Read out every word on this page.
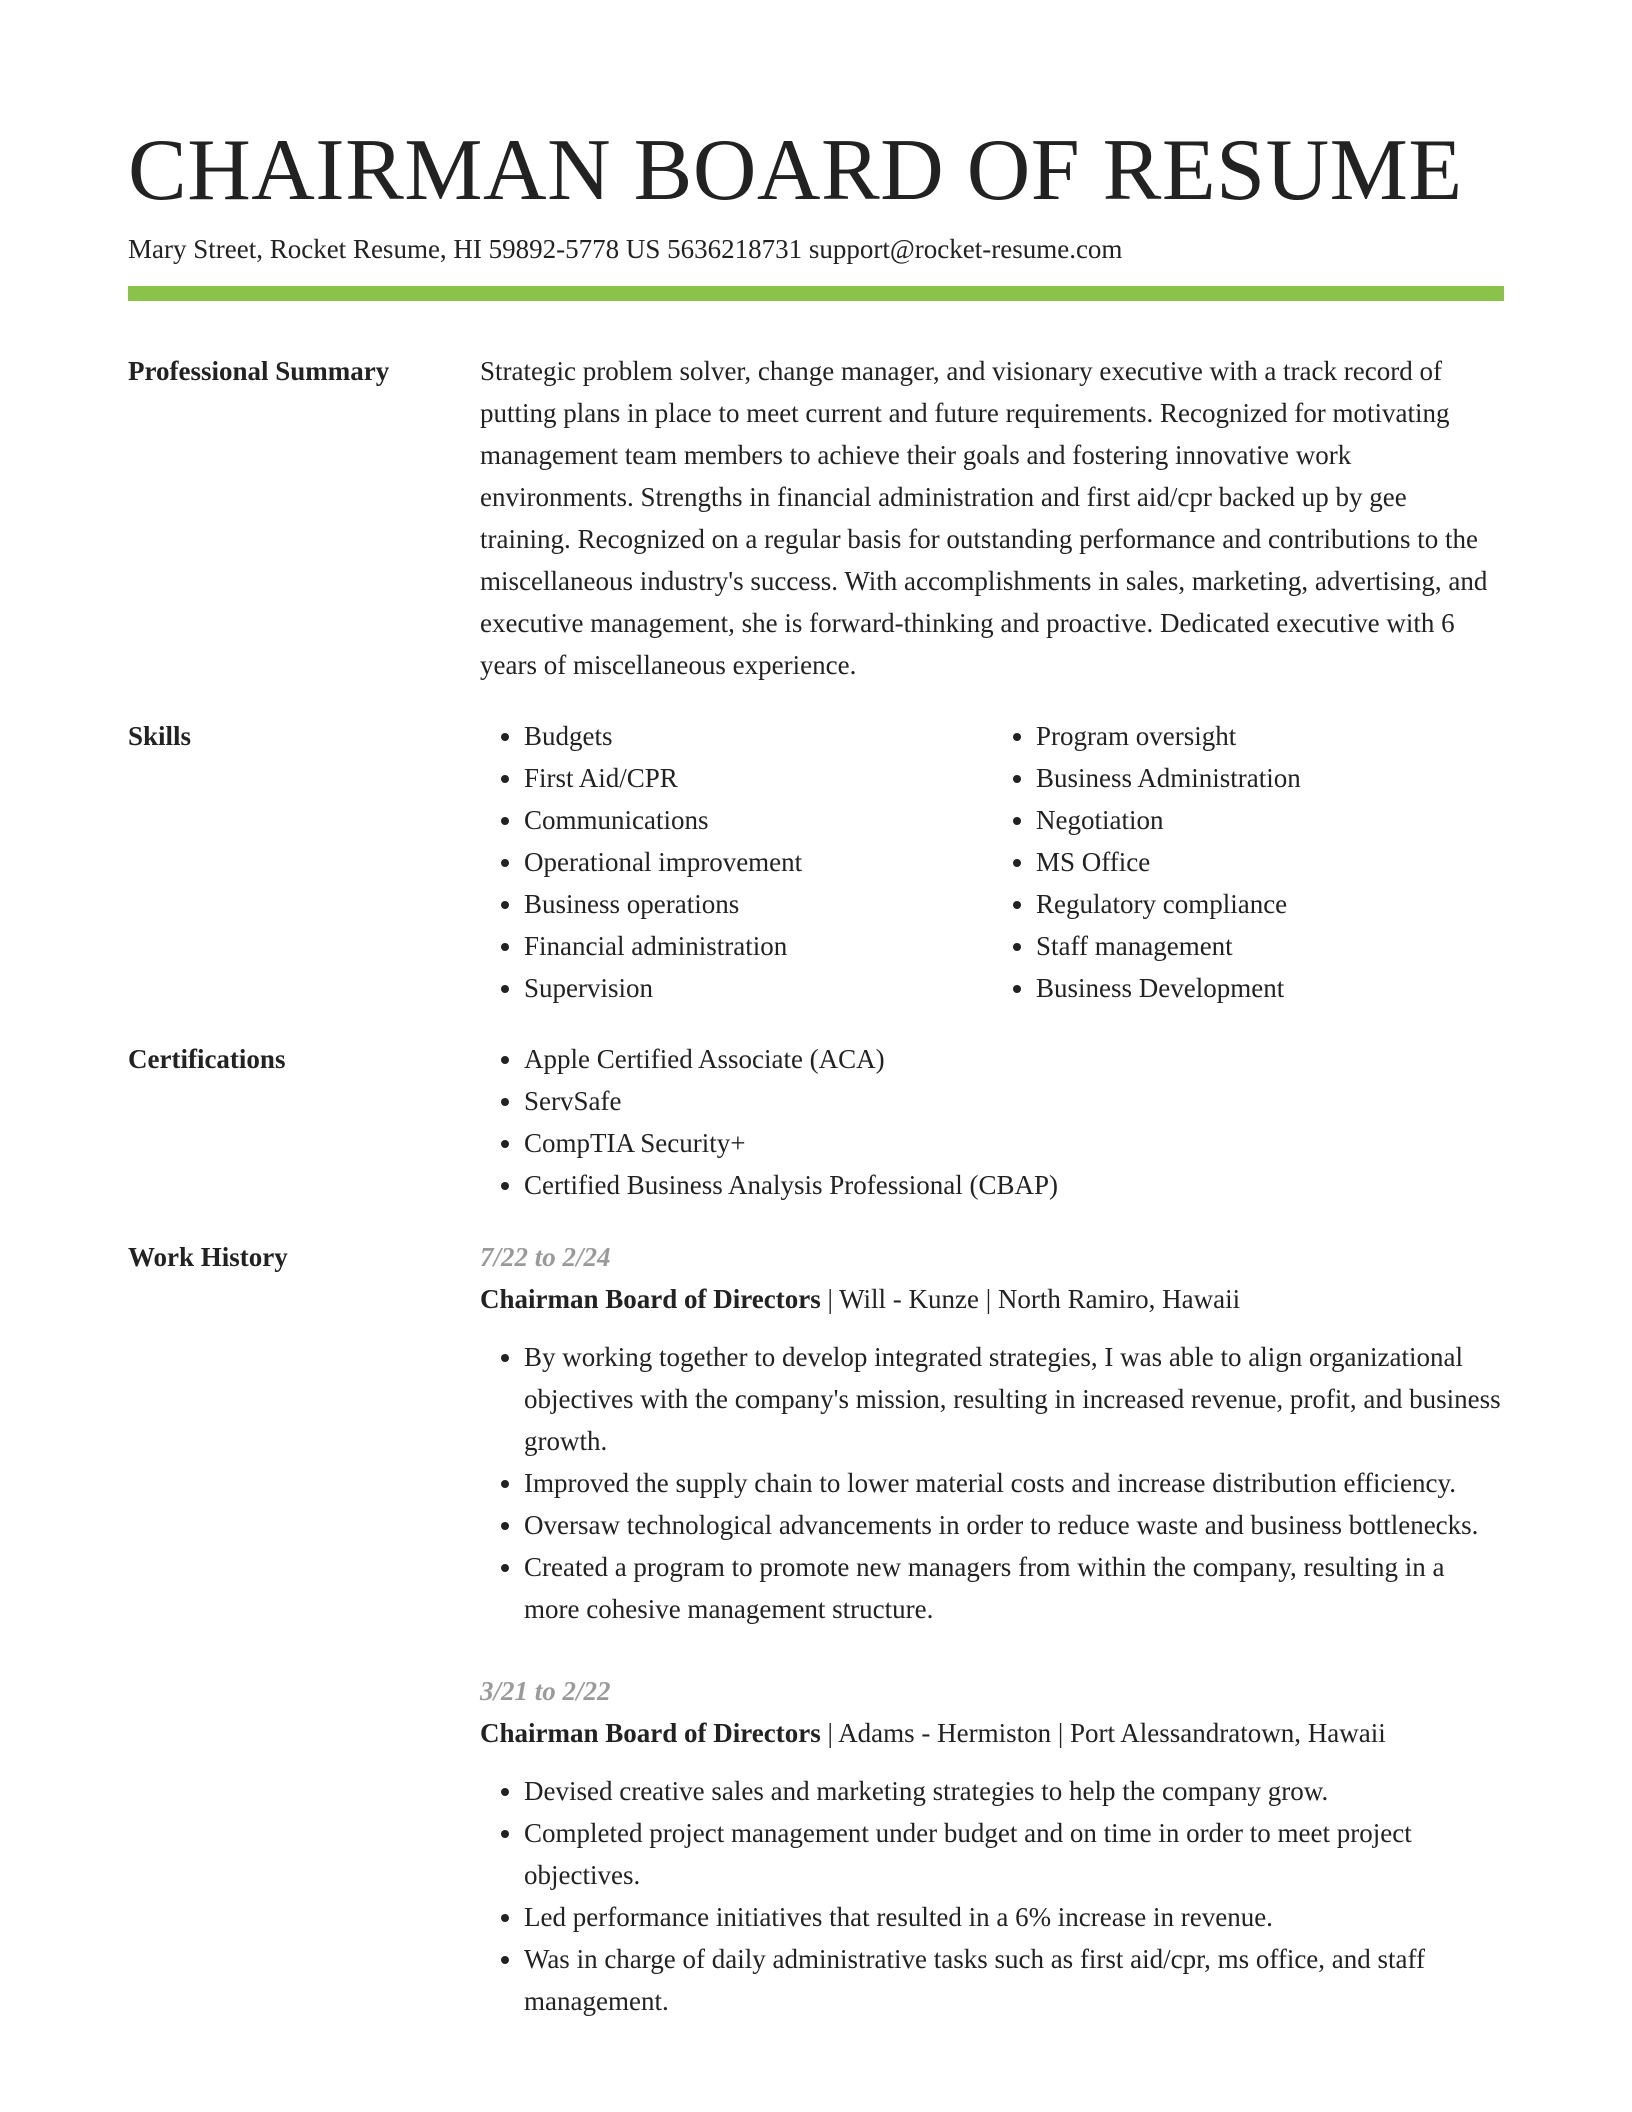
CHAIRMAN BOARD OF RESUME

Mary Street, Rocket Resume, HI 59892-5778 US 5636218731 support@rocket-resume.com

Professional Summary	Strategic problem solver, change manager, and visionary executive with a track record of putting plans in place to meet current and future requirements. Recognized for motivating management team members to achieve their goals and fostering innovative work environments. Strengths in financial administration and first aid/cpr backed up by gee training. Recognized on a regular basis for outstanding performance and contributions to the miscellaneous industry's success. With accomplishments in sales, marketing, advertising, and executive management, she is forward-thinking and proactive. Dedicated executive with 6 years of miscellaneous experience.

Skills	• Budgets
• First Aid/CPR
• Communications
• Operational improvement
• Business operations
• Financial administration
• Supervision
• Program oversight
• Business Administration
• Negotiation
• MS Office
• Regulatory compliance
• Staff management
• Business Development
Certifications	• Apple Certified Associate (ACA)
• ServSafe
• CompTIA Security+
• Certified Business Analysis Professional (CBAP)
Work History	7/22 to 2/24
Chairman Board of Directors | Will - Kunze | North Ramiro, Hawaii
• By working together to develop integrated strategies, I was able to align organizational objectives with the company's mission, resulting in increased revenue, profit, and business growth.
• Improved the supply chain to lower material costs and increase distribution efficiency.
• Oversaw technological advancements in order to reduce waste and business bottlenecks.
• Created a program to promote new managers from within the company, resulting in a more cohesive management structure.
3/21 to 2/22
Chairman Board of Directors | Adams - Hermiston | Port Alessandratown, Hawaii
• Devised creative sales and marketing strategies to help the company grow.
• Completed project management under budget and on time in order to meet project objectives.
• Led performance initiatives that resulted in a 6% increase in revenue.
• Was in charge of daily administrative tasks such as first aid/cpr, ms office, and staff management.
